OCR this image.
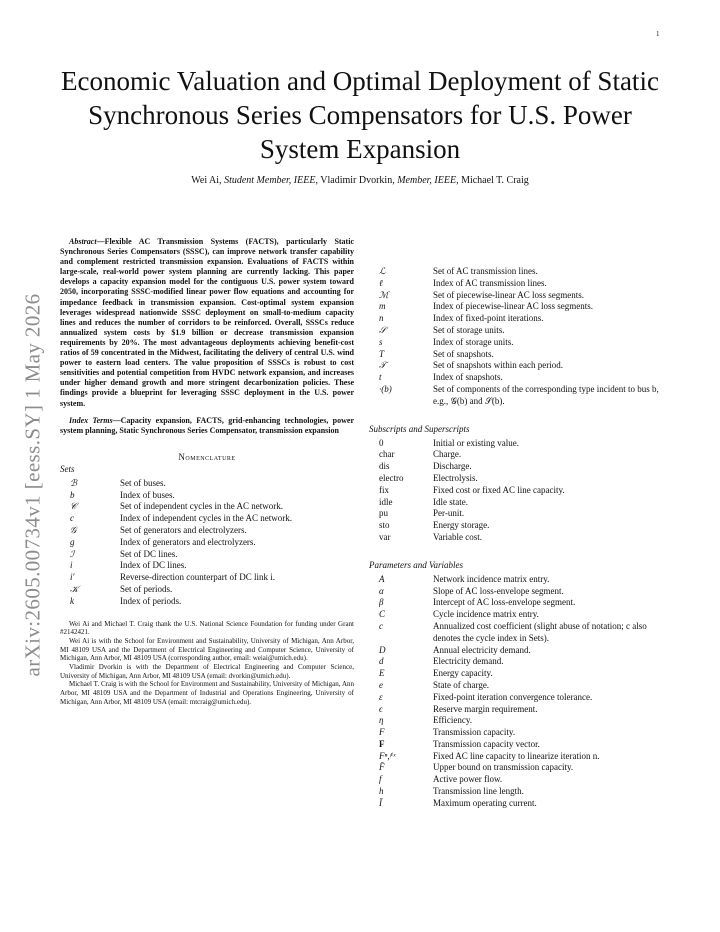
1
arXiv:2605.00734v1 [eess.SY] 1 May 2026
Economic Valuation and Optimal Deployment of Static Synchronous Series Compensators for U.S. Power System Expansion
Wei Ai, Student Member, IEEE, Vladimir Dvorkin, Member, IEEE, Michael T. Craig

Abstract—Flexible AC Transmission Systems (FACTS), particularly Static Synchronous Series Compensators (SSSC), can improve network transfer capability and complement restricted transmission expansion. Evaluations of FACTS within large-scale, real-world power system planning are currently lacking. This paper develops a capacity expansion model for the contiguous U.S. power system toward 2050, incorporating SSSC-modified linear power flow equations and accounting for impedance feedback in transmission expansion. Cost-optimal system expansion leverages widespread nationwide SSSC deployment on small-to-medium capacity lines and reduces the number of corridors to be reinforced. Overall, SSSCs reduce annualized system costs by $1.9 billion or decrease transmission expansion requirements by 20%. The most advantageous deployments achieving benefit-cost ratios of 59 concentrated in the Midwest, facilitating the delivery of central U.S. wind power to eastern load centers. The value proposition of SSSCs is robust to cost sensitivities and potential competition from HVDC network expansion, and increases under higher demand growth and more stringent decarbonization policies. These findings provide a blueprint for leveraging SSSC deployment in the U.S. power system.

Index Terms—Capacity expansion, FACTS, grid-enhancing technologies, power system planning, Static Synchronous Series Compensator, transmission expansion

Nomenclature
Sets
ℬ	Set of buses.
b	Index of buses.
𝒞	Set of independent cycles in the AC network.
c	Index of independent cycles in the AC network.
𝒢	Set of generators and electrolyzers.
g	Index of generators and electrolyzers.
ℐ	Set of DC lines.
i	Index of DC lines.
i′	Reverse-direction counterpart of DC link i.
𝒦	Set of periods.
k	Index of periods.

Wei Ai and Michael T. Craig thank the U.S. National Science Foundation for funding under Grant #2142421.

Wei Ai is with the School for Environment and Sustainability, University of Michigan, Ann Arbor, MI 48109 USA and the Department of Electrical Engineering and Computer Science, University of Michigan, Ann Arbor, MI 48109 USA (corresponding author, email: weiai@umich.edu).

Vladimir Dvorkin is with the Department of Electrical Engineering and Computer Science, University of Michigan, Ann Arbor, MI 48109 USA (email: dvorkin@umich.edu).

Michael T. Craig is with the School for Environment and Sustainability, University of Michigan, Ann Arbor, MI 48109 USA and the Department of Industrial and Operations Engineering, University of Michigan, Ann Arbor, MI 48109 USA (email: mtcraig@umich.edu).

ℒ	Set of AC transmission lines.
ℓ	Index of AC transmission lines.
ℳ	Set of piecewise-linear AC loss segments.
m	Index of piecewise-linear AC loss segments.
n	Index of fixed-point iterations.
𝒮	Set of storage units.
s	Index of storage units.
T	Set of snapshots.
𝒯	Set of snapshots within each period.
t	Index of snapshots.
·(b)	Set of components of the corresponding type incident to bus b, e.g., 𝒢(b) and 𝒮(b).
Subscripts and Superscripts
0	Initial or existing value.
char	Charge.
dis	Discharge.
electro	Electrolysis.
fix	Fixed cost or fixed AC line capacity.
idle	Idle state.
pu	Per-unit.
sto	Energy storage.
var	Variable cost.
Parameters and Variables
A	Network incidence matrix entry.
α	Slope of AC loss-envelope segment.
β	Intercept of AC loss-envelope segment.
C	Cycle incidence matrix entry.
c	Annualized cost coefficient (slight abuse of notation; c also denotes the cycle index in Sets).
D	Annual electricity demand.
d	Electricity demand.
E	Energy capacity.
e	State of charge.
ε	Fixed-point iteration convergence tolerance.
ϵ	Reserve margin requirement.
η	Efficiency.
F	Transmission capacity.
F	Transmission capacity vector.
Fⁿ,ᶠⁱˣ	Fixed AC line capacity to linearize iteration n.
F̄	Upper bound on transmission capacity.
f	Active power flow.
h	Transmission line length.
Ī	Maximum operating current.
